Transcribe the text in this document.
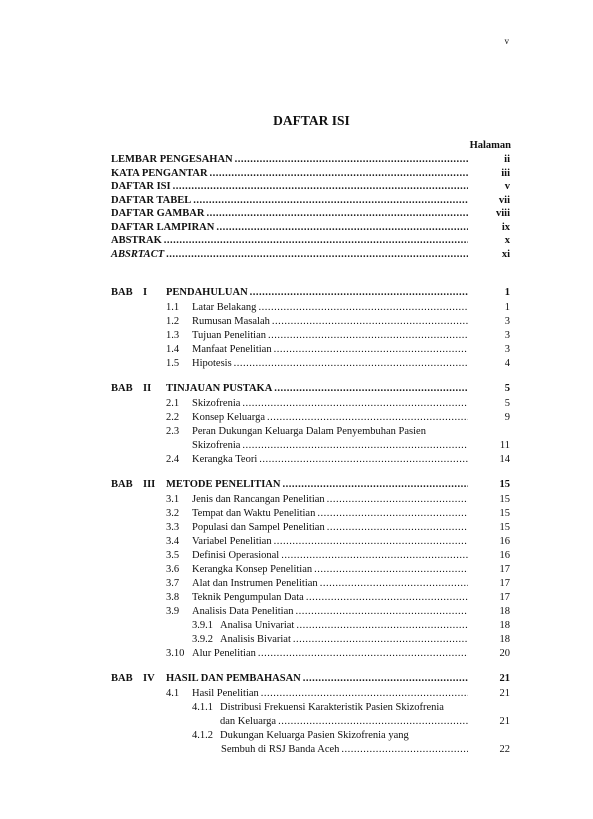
v
DAFTAR ISI
Halaman
LEMBAR PENGESAHAN .....	ii
KATA PENGANTAR .....	iii
DAFTAR ISI .....	v
DAFTAR TABEL .....	vii
DAFTAR GAMBAR .....	viii
DAFTAR LAMPIRAN .....	ix
ABSTRAK .....	x
ABSRTACT .....	xi
BAB I PENDAHULUAN .....	1
1.1 Latar Belakang .....	1
1.2 Rumusan Masalah .....	3
1.3 Tujuan Penelitian .....	3
1.4 Manfaat Penelitian .....	3
1.5 Hipotesis .....	4
BAB II TINJAUAN PUSTAKA .....	5
2.1 Skizofrenia .....	5
2.2 Konsep Keluarga .....	9
2.3 Peran Dukungan Keluarga Dalam Penyembuhan Pasien
Skizofrenia .....	11
2.4 Kerangka Teori .....	14
BAB III METODE PENELITIAN .....	15
3.1 Jenis dan Rancangan Penelitian .....	15
3.2 Tempat dan Waktu Penelitian .....	15
3.3 Populasi dan Sampel Penelitian .....	15
3.4 Variabel Penelitian .....	16
3.5 Definisi Operasional .....	16
3.6 Kerangka Konsep Penelitian .....	17
3.7 Alat dan Instrumen Penelitian .....	17
3.8 Teknik Pengumpulan Data .....	17
3.9 Analisis Data Penelitian .....	18
3.9.1 Analisa Univariat .....	18
3.9.2 Analisis Bivariat .....	18
3.10 Alur Penelitian .....	20
BAB IV HASIL DAN PEMBAHASAN .....	21
4.1 Hasil Penelitian .....	21
4.1.1 Distribusi Frekuensi Karakteristik Pasien Skizofrenia
dan Keluarga .....	21
4.1.2 Dukungan Keluarga Pasien Skizofrenia yang
Sembuh di RSJ Banda Aceh .....	22
